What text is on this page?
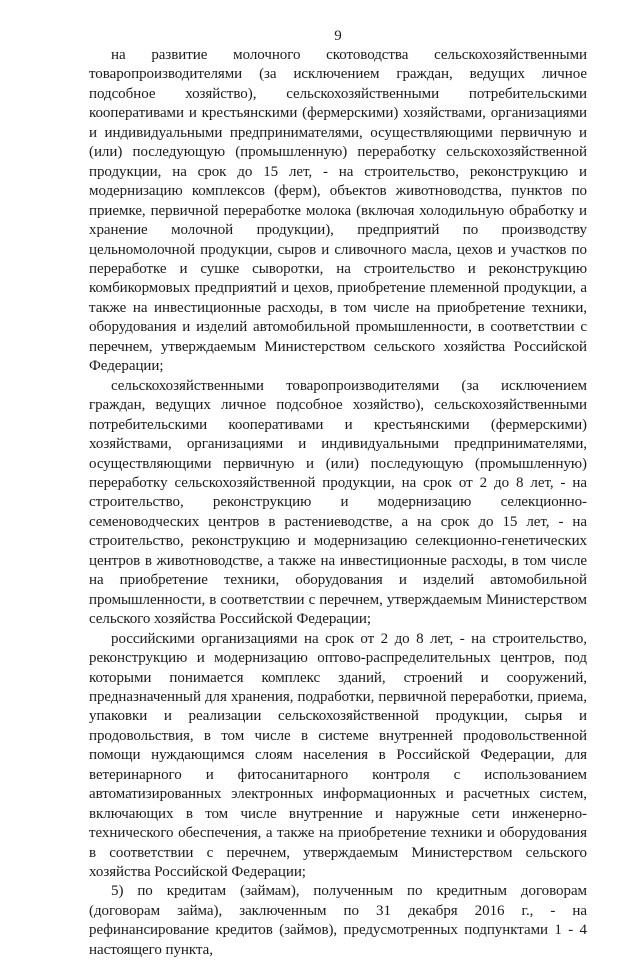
9

на развитие молочного скотоводства сельскохозяйственными товаропроизводителями (за исключением граждан, ведущих личное подсобное хозяйство), сельскохозяйственными потребительскими кооперативами и крестьянскими (фермерскими) хозяйствами, организациями и индивидуальными предпринимателями, осуществляющими первичную и (или) последующую (промышленную) переработку сельскохозяйственной продукции, на срок до 15 лет, - на строительство, реконструкцию и модернизацию комплексов (ферм), объектов животноводства, пунктов по приемке, первичной переработке молока (включая холодильную обработку и хранение молочной продукции), предприятий по производству цельномолочной продукции, сыров и сливочного масла, цехов и участков по переработке и сушке сыворотки, на строительство и реконструкцию комбикормовых предприятий и цехов, приобретение племенной продукции, а также на инвестиционные расходы, в том числе на приобретение техники, оборудования и изделий автомобильной промышленности, в соответствии с перечнем, утверждаемым Министерством сельского хозяйства Российской Федерации;

сельскохозяйственными товаропроизводителями (за исключением граждан, ведущих личное подсобное хозяйство), сельскохозяйственными потребительскими кооперативами и крестьянскими (фермерскими) хозяйствами, организациями и индивидуальными предпринимателями, осуществляющими первичную и (или) последующую (промышленную) переработку сельскохозяйственной продукции, на срок от 2 до 8 лет, - на строительство, реконструкцию и модернизацию селекционно-семеноводческих центров в растениеводстве, а на срок до 15 лет, - на строительство, реконструкцию и модернизацию селекционно-генетических центров в животноводстве, а также на инвестиционные расходы, в том числе на приобретение техники, оборудования и изделий автомобильной промышленности, в соответствии с перечнем, утверждаемым Министерством сельского хозяйства Российской Федерации;

российскими организациями на срок от 2 до 8 лет, - на строительство, реконструкцию и модернизацию оптово-распределительных центров, под которыми понимается комплекс зданий, строений и сооружений, предназначенный для хранения, подработки, первичной переработки, приема, упаковки и реализации сельскохозяйственной продукции, сырья и продовольствия, в том числе в системе внутренней продовольственной помощи нуждающимся слоям населения в Российской Федерации, для ветеринарного и фитосанитарного контроля с использованием автоматизированных электронных информационных и расчетных систем, включающих в том числе внутренние и наружные сети инженерно-технического обеспечения, а также на приобретение техники и оборудования в соответствии с перечнем, утверждаемым Министерством сельского хозяйства Российской Федерации;

5) по кредитам (займам), полученным по кредитным договорам (договорам займа), заключенным по 31 декабря 2016 г., - на рефинансирование кредитов (займов), предусмотренных подпунктами 1 - 4 настоящего пункта,
